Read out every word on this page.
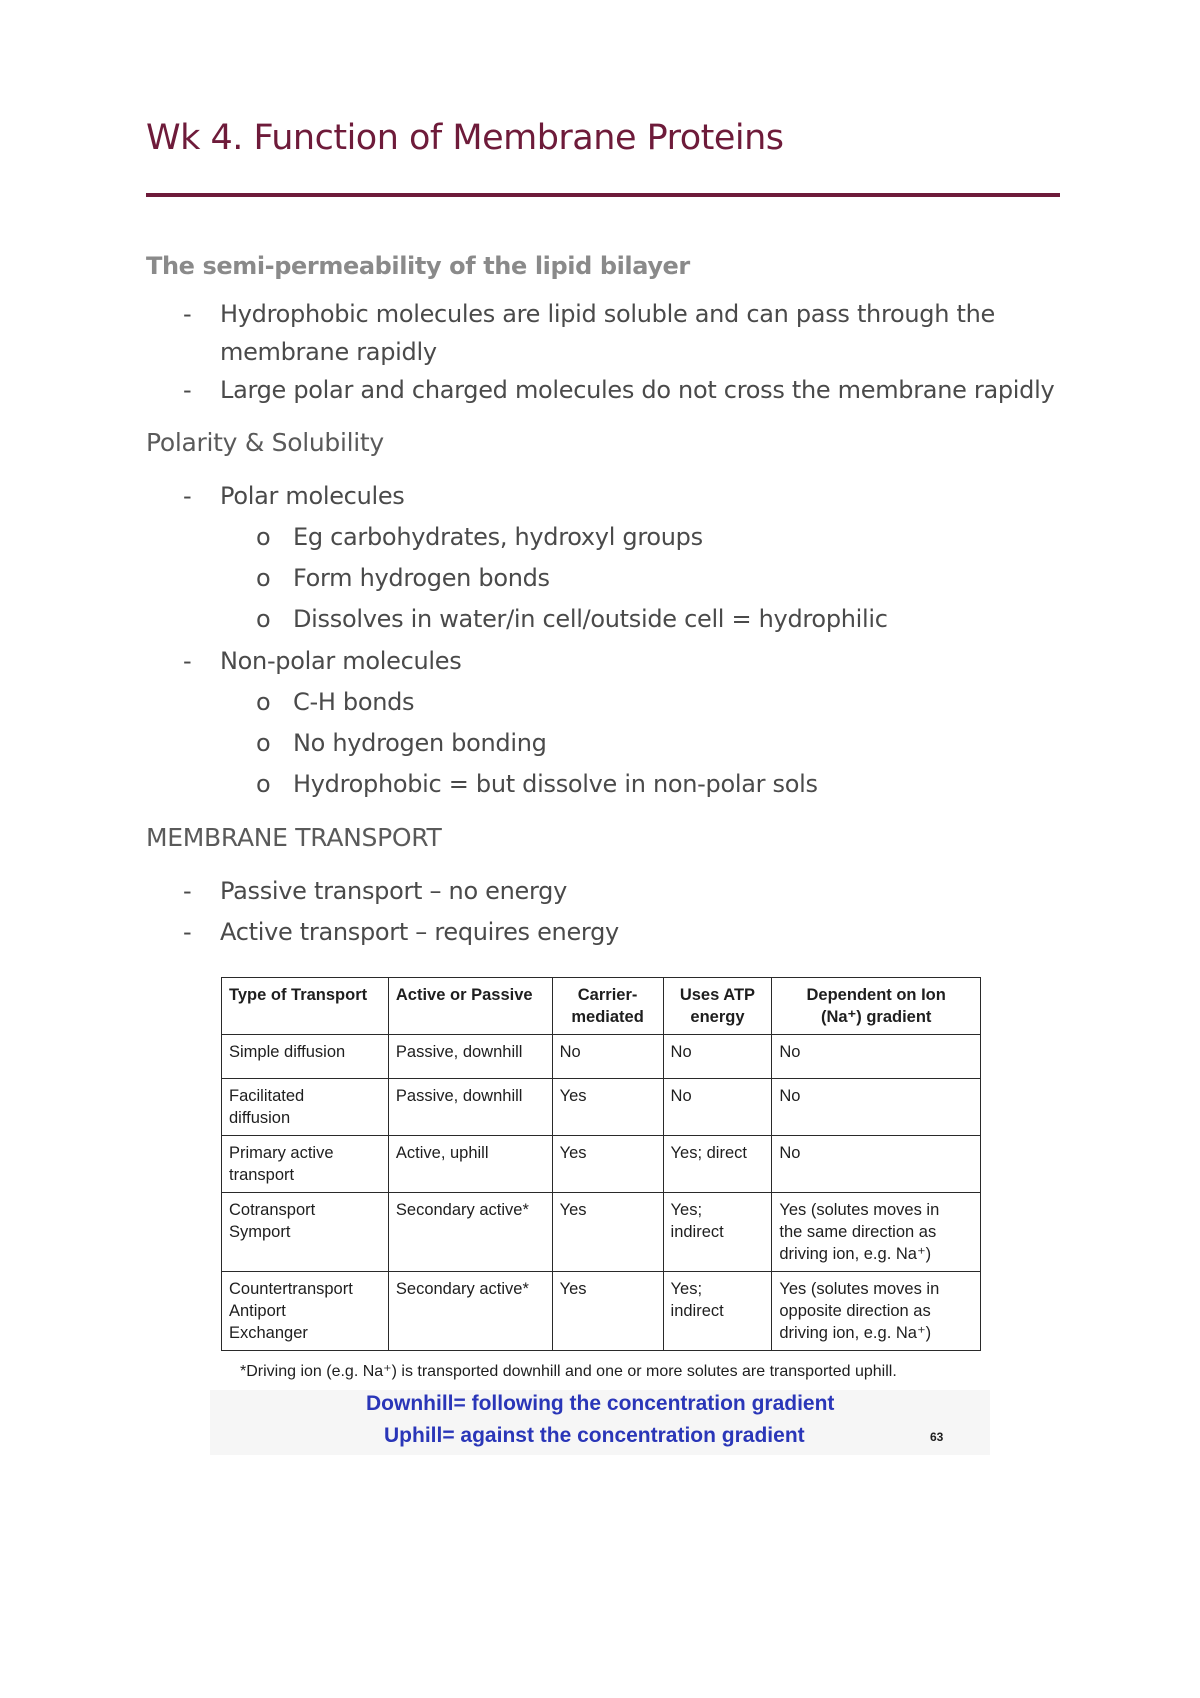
Wk 4. Function of Membrane Proteins
The semi-permeability of the lipid bilayer
- Hydrophobic molecules are lipid soluble and can pass through the
membrane rapidly
- Large polar and charged molecules do not cross the membrane rapidly
Polarity & Solubility
- Polar molecules
o Eg carbohydrates, hydroxyl groups
o Form hydrogen bonds
o Dissolves in water/in cell/outside cell = hydrophilic
- Non-polar molecules
o C-H bonds
o No hydrogen bonding
o Hydrophobic = but dissolve in non-polar sols
MEMBRANE TRANSPORT
- Passive transport – no energy
- Active transport – requires energy
Type of Transport	Active or Passive	Carrier-
mediated	Uses ATP
energy	Dependent on Ion
(Na⁺) gradient
Simple diffusion	Passive, downhill	No	No	No
Facilitated
diffusion	Passive, downhill	Yes	No	No
Primary active
transport	Active, uphill	Yes	Yes; direct	No
Cotransport
Symport	Secondary active*	Yes	Yes;
indirect	Yes (solutes moves in
the same direction as
driving ion, e.g. Na⁺)
Countertransport
Antiport
Exchanger	Secondary active*	Yes	Yes;
indirect	Yes (solutes moves in
opposite direction as
driving ion, e.g. Na⁺)

*Driving ion (e.g. Na⁺) is transported downhill and one or more solutes are transported uphill.

Downhill= following the concentration gradient

Uphill= against the concentration gradient	63
